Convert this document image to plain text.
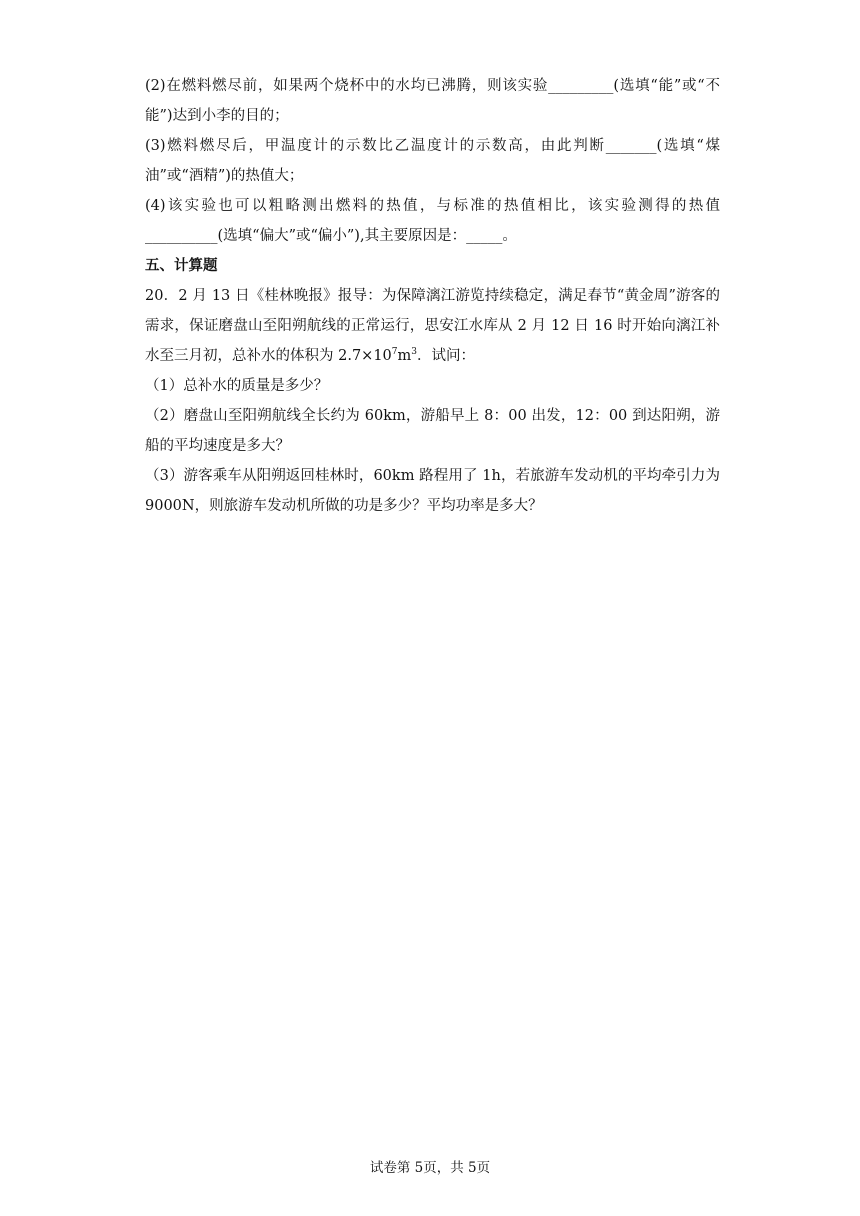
(2)在燃料燃尽前，如果两个烧杯中的水均已沸腾，则该实验_________(选填“能”或“不能”)达到小李的目的；

(3)燃料燃尽后，甲温度计的示数比乙温度计的示数高，由此判断_______(选填“煤油”或“酒精”)的热值大；

(4)该实验也可以粗略测出燃料的热值，与标准的热值相比，该实验测得的热值__________(选填“偏大”或“偏小”),其主要原因是：_____。

五、计算题

20．2 月 13 日《桂林晚报》报导：为保障漓江游览持续稳定，满足春节“黄金周”游客的需求，保证磨盘山至阳朔航线的正常运行，思安江水库从 2 月 12 日 16 时开始向漓江补水至三月初，总补水的体积为 $2.7\times 10^7m^3$．试问：

（1）总补水的质量是多少？

（2）磨盘山至阳朔航线全长约为 60km，游船早上 8：00 出发，12：00 到达阳朔，游船的平均速度是多大？

（3）游客乘车从阳朔返回桂林时，60km 路程用了 1h，若旅游车发动机的平均牵引力为 9000N，则旅游车发动机所做的功是多少？平均功率是多大？

试卷第 5页，共 5页
